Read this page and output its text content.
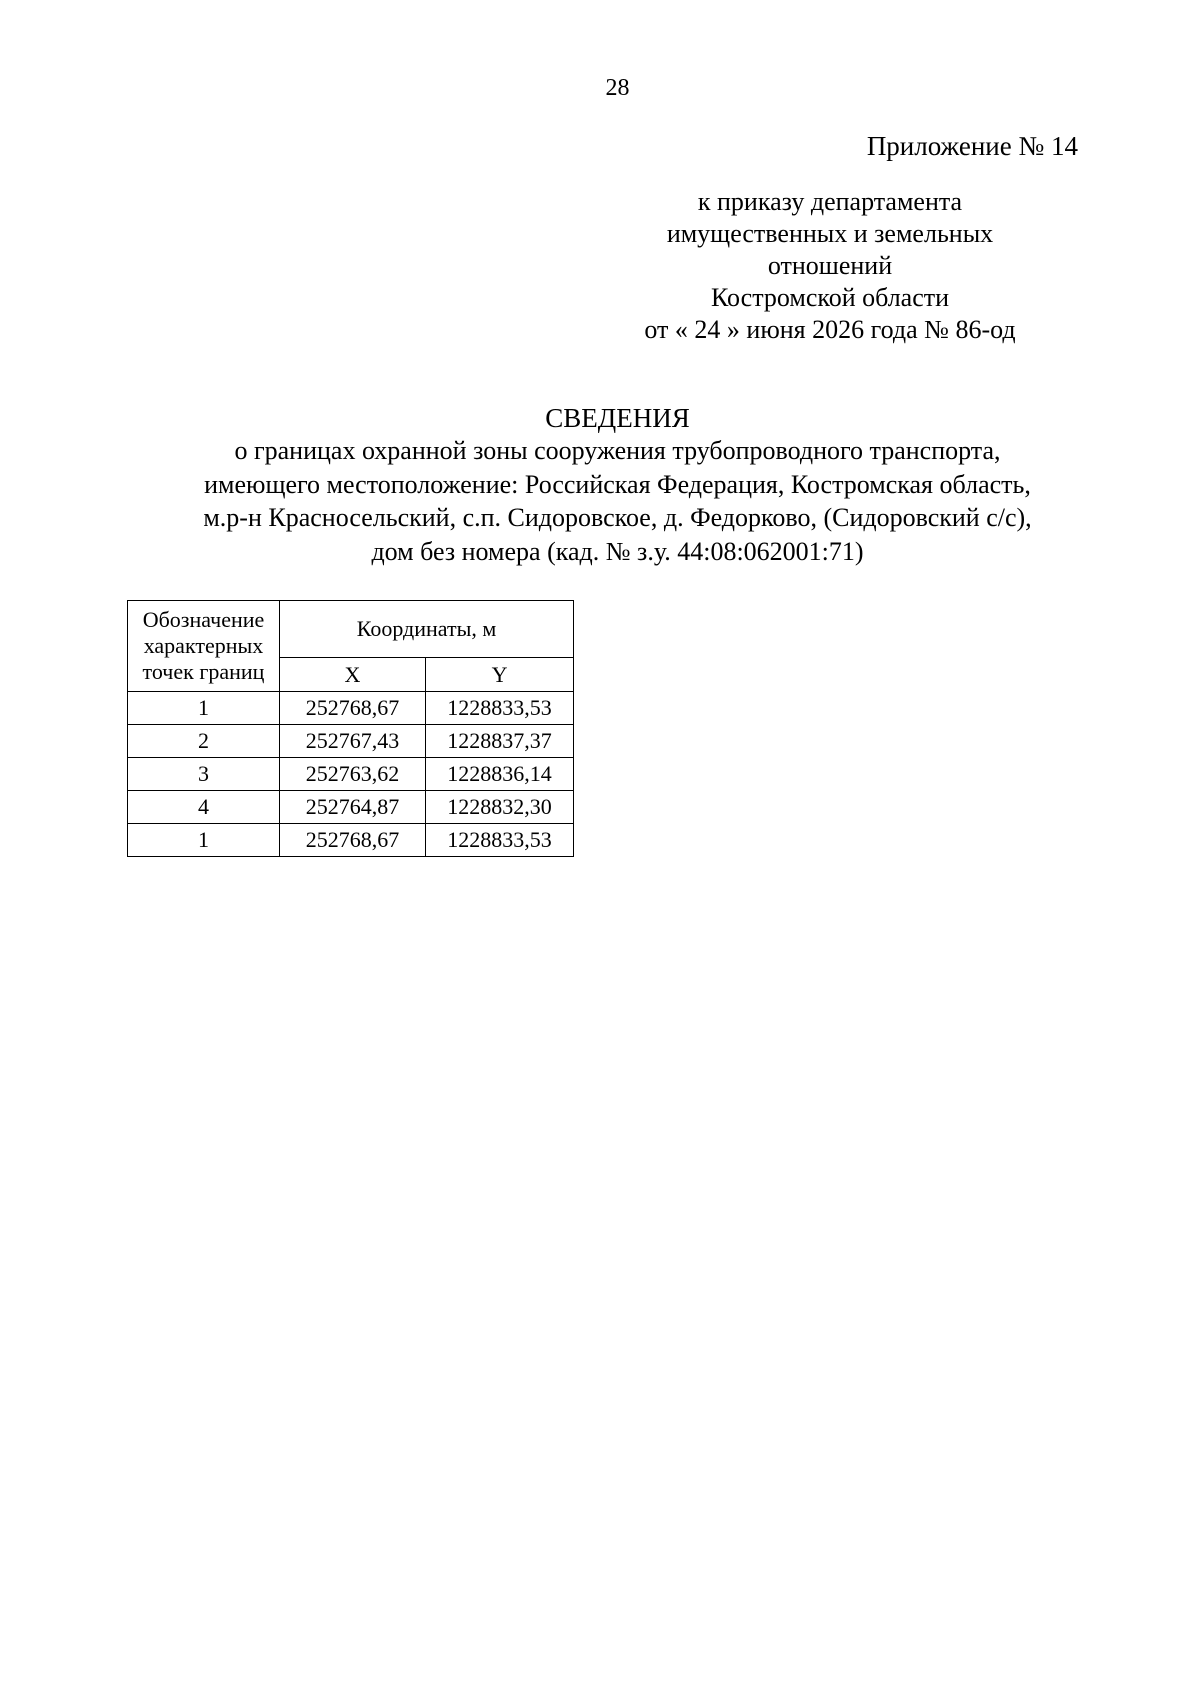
28
Приложение № 14
к приказу департамента
имущественных и земельных
отношений
Костромской области
от « 24 » июня 2026 года № 86-од
СВЕДЕНИЯ
о границах охранной зоны сооружения трубопроводного транспорта,
имеющего местоположение: Российская Федерация, Костромская область,
м.р-н Красносельский, с.п. Сидоровское, д. Федорково, (Сидоровский с/с),
дом без номера (кад. № з.у. 44:08:062001:71)
Обозначение
характерных
точек границ	Координаты, м	
	X	Y
1	252768,67	1228833,53
2	252767,43	1228837,37
3	252763,62	1228836,14
4	252764,87	1228832,30
1	252768,67	1228833,53
